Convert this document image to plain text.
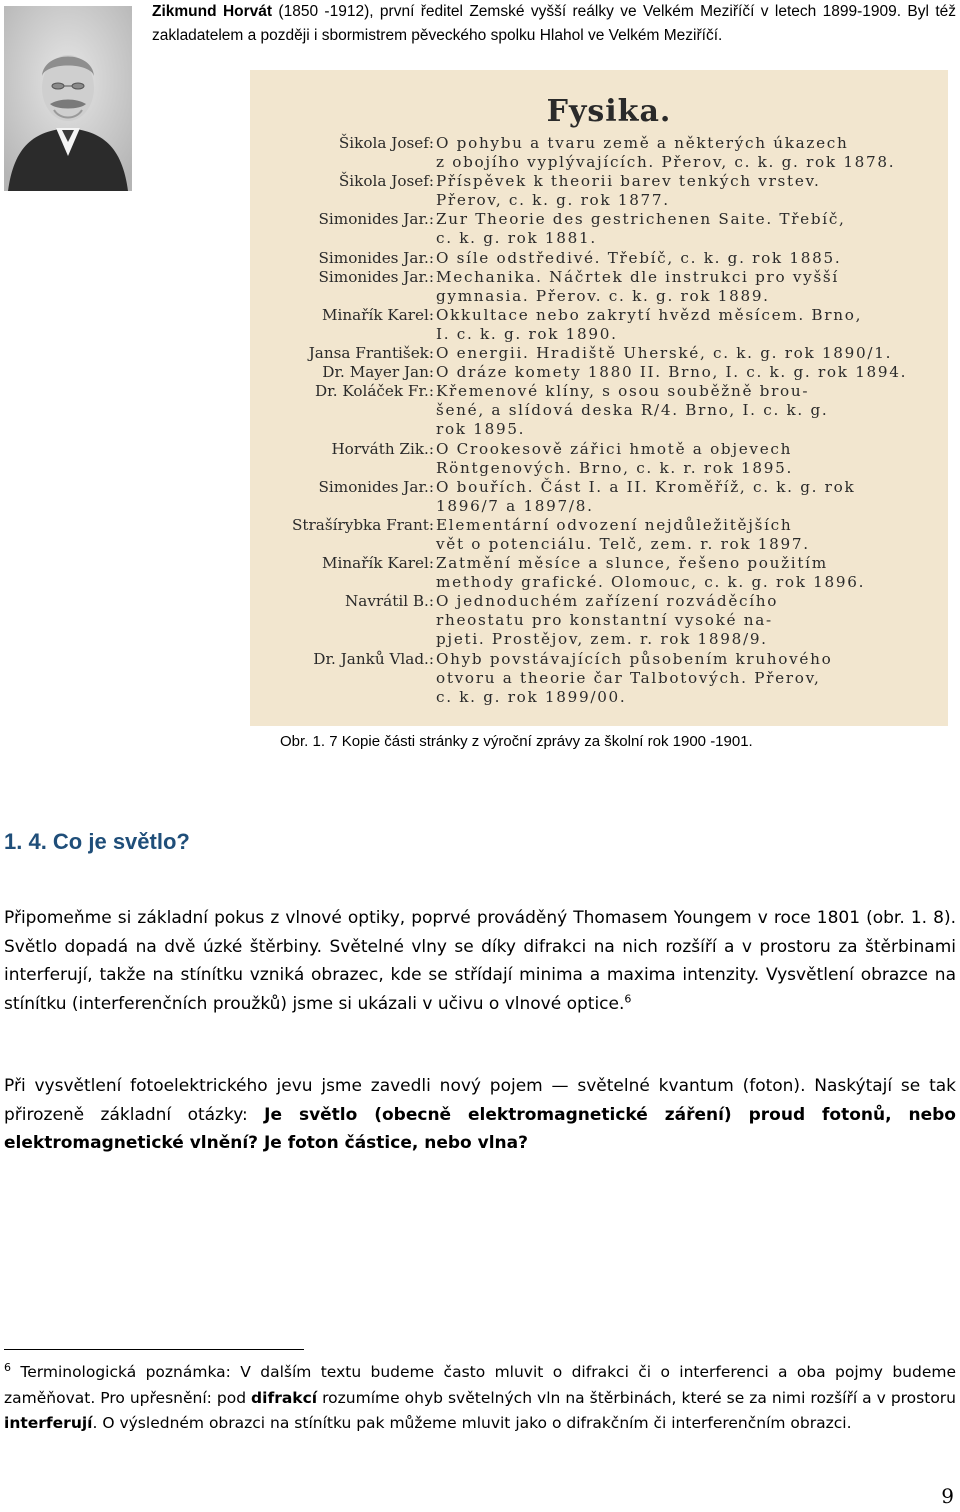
Zikmund Horvát (1850 -1912), první ředitel Zemské vyšší reálky ve Velkém Meziříčí v letech 1899-1909. Byl též zakladatelem a později i sbormistrem pěveckého spolku Hlahol ve Velkém Meziříčí.
Fysika.
Šikola Josef: O pohybu a tvaru země a některých úkazech
z obojího vyplývajících. Přerov, c. k. g. rok 1878.
Šikola Josef: Příspěvek k theorii barev tenkých vrstev.
Přerov, c. k. g. rok 1877.
Simonides Jar.: Zur Theorie des gestrichenen Saite. Třebíč,
c. k. g. rok 1881.
Simonides Jar.: O síle odstředivé. Třebíč, c. k. g. rok 1885.
Simonides Jar.: Mechanika. Náčrtek dle instrukci pro vyšší
gymnasia. Přerov. c. k. g. rok 1889.
Minařík Karel: Okkultace nebo zakrytí hvězd měsícem. Brno,
I. c. k. g. rok 1890.
Jansa František: O energii. Hradiště Uherské, c. k. g. rok 1890/1.
Dr. Mayer Jan: O dráze komety 1880 II. Brno, I. c. k. g. rok 1894.
Dr. Koláček Fr.: Křemenové klíny, s osou souběžně brou-
šené, a slídová deska R/4. Brno, I. c. k. g.
rok 1895.
Horváth Zik.: O Crookesově zářici hmotě a objevech
Röntgenových. Brno, c. k. r. rok 1895.
Simonides Jar.: O bouřích. Část I. a II. Kroměříž, c. k. g. rok
1896/7 a 1897/8.
Strašírybka Frant: Elementární odvození nejdůležitějších
vět o potenciálu. Telč, zem. r. rok 1897.
Minařík Karel: Zatmění měsíce a slunce, řešeno použitím
methody grafické. Olomouc, c. k. g. rok 1896.
Navrátil B.: O jednoduchém zařízení rozváděcího
rheostatu pro konstantní vysoké na-
pjeti. Prostějov, zem. r. rok 1898/9.
Dr. Janků Vlad.: Ohyb povstávajících působením kruhového
otvoru a theorie čar Talbotových. Přerov,
c. k. g. rok 1899/00.
Obr. 1. 7 Kopie části stránky z výroční zprávy za školní rok 1900 -1901.
1. 4. Co je světlo?
Připomeňme si základní pokus z vlnové optiky, poprvé prováděný Thomasem Youngem v roce 1801 (obr. 1. 8). Světlo dopadá na dvě úzké štěrbiny. Světelné vlny se díky difrakci na nich rozšíří a v prostoru za štěrbinami interferují, takže na stínítku vzniká obrazec, kde se střídají minima a maxima intenzity. Vysvětlení obrazce na stínítku (interferenčních proužků) jsme si ukázali v učivu o vlnové optice.$^6$
Při vysvětlení fotoelektrického jevu jsme zavedli nový pojem — světelné kvantum (foton). Naskýtají se tak přirozeně základní otázky: Je světlo (obecně elektromagnetické záření) proud fotonů, nebo elektromagnetické vlnění? Je foton částice, nebo vlna?
$^6$ Terminologická poznámka: V dalším textu budeme často mluvit o difrakci či o interferenci a oba pojmy budeme zaměňovat. Pro upřesnění: pod difrakcí rozumíme ohyb světelných vln na štěrbinách, které se za nimi rozšíří a v prostoru interferují. O výsledném obrazci na stínítku pak můžeme mluvit jako o difrakčním či interferenčním obrazci.
9
